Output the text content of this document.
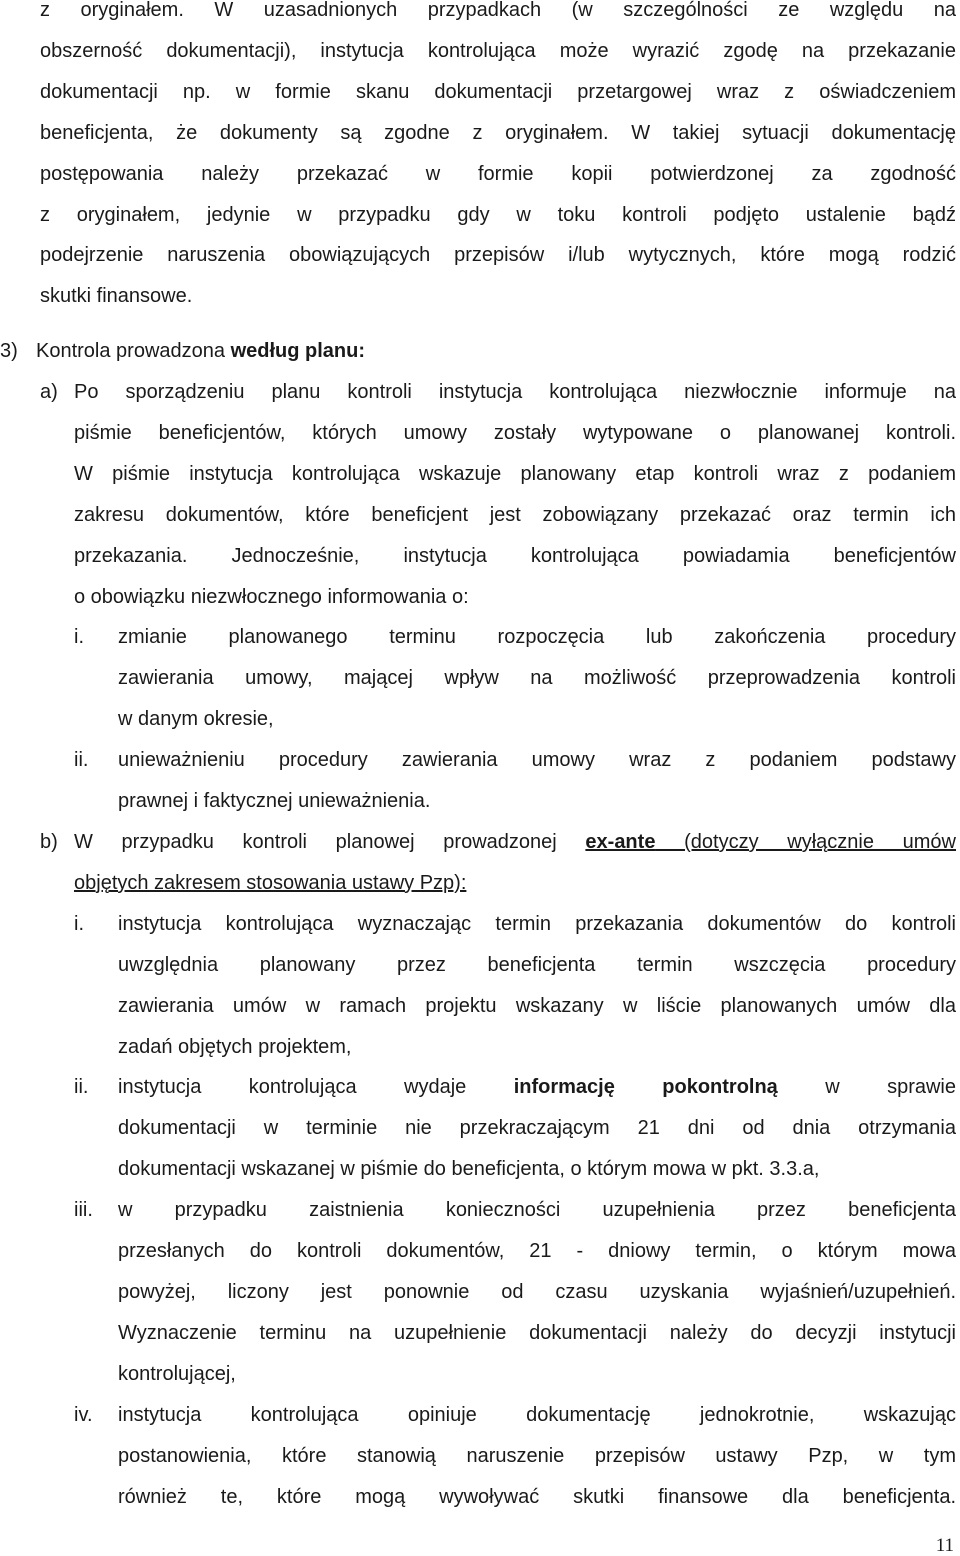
z oryginałem. W uzasadnionych przypadkach (w szczególności ze względu na
obszerność dokumentacji), instytucja kontrolująca może wyrazić zgodę na przekazanie
dokumentacji np. w formie skanu dokumentacji przetargowej wraz z oświadczeniem
beneficjenta, że dokumenty są zgodne z oryginałem. W takiej sytuacji dokumentację
postępowania należy przekazać w formie kopii potwierdzonej za zgodność
z oryginałem, jedynie w przypadku gdy w toku kontroli podjęto ustalenie bądź
podejrzenie naruszenia obowiązujących przepisów i/lub wytycznych, które mogą rodzić
skutki finansowe.
3) Kontrola prowadzona według planu:
a) Po sporządzeniu planu kontroli instytucja kontrolująca niezwłocznie informuje na
piśmie beneficjentów, których umowy zostały wytypowane o planowanej kontroli.
W piśmie instytucja kontrolująca wskazuje planowany etap kontroli wraz z podaniem
zakresu dokumentów, które beneficjent jest zobowiązany przekazać oraz termin ich
przekazania. Jednocześnie, instytucja kontrolująca powiadamia beneficjentów
o obowiązku niezwłocznego informowania o:
i.	zmianie planowanego terminu rozpoczęcia lub zakończenia procedury
zawierania umowy, mającej wpływ na możliwość przeprowadzenia kontroli
w danym okresie,
ii.	unieważnieniu procedury zawierania umowy wraz z podaniem podstawy
prawnej i faktycznej unieważnienia.
b) W przypadku kontroli planowej prowadzonej ex-ante (dotyczy wyłącznie umów
objętych zakresem stosowania ustawy Pzp):
i.	instytucja kontrolująca wyznaczając termin przekazania dokumentów do kontroli
uwzględnia planowany przez beneficjenta termin wszczęcia procedury
zawierania umów w ramach projektu wskazany w liście planowanych umów dla
zadań objętych projektem,
ii.	instytucja kontrolująca wydaje informację pokontrolną w sprawie
dokumentacji w terminie nie przekraczającym 21 dni od dnia otrzymania
dokumentacji wskazanej w piśmie do beneficjenta, o którym mowa w pkt. 3.3.a,
iii.	w przypadku zaistnienia konieczności uzupełnienia przez beneficjenta
przesłanych do kontroli dokumentów, 21 - dniowy termin, o którym mowa
powyżej, liczony jest ponownie od czasu uzyskania wyjaśnień/uzupełnień.
Wyznaczenie terminu na uzupełnienie dokumentacji należy do decyzji instytucji
kontrolującej,
iv.	instytucja kontrolująca opiniuje dokumentację jednokrotnie, wskazując
postanowienia, które stanowią naruszenie przepisów ustawy Pzp, w tym
również te, które mogą wywoływać skutki finansowe dla beneficjenta.
11
